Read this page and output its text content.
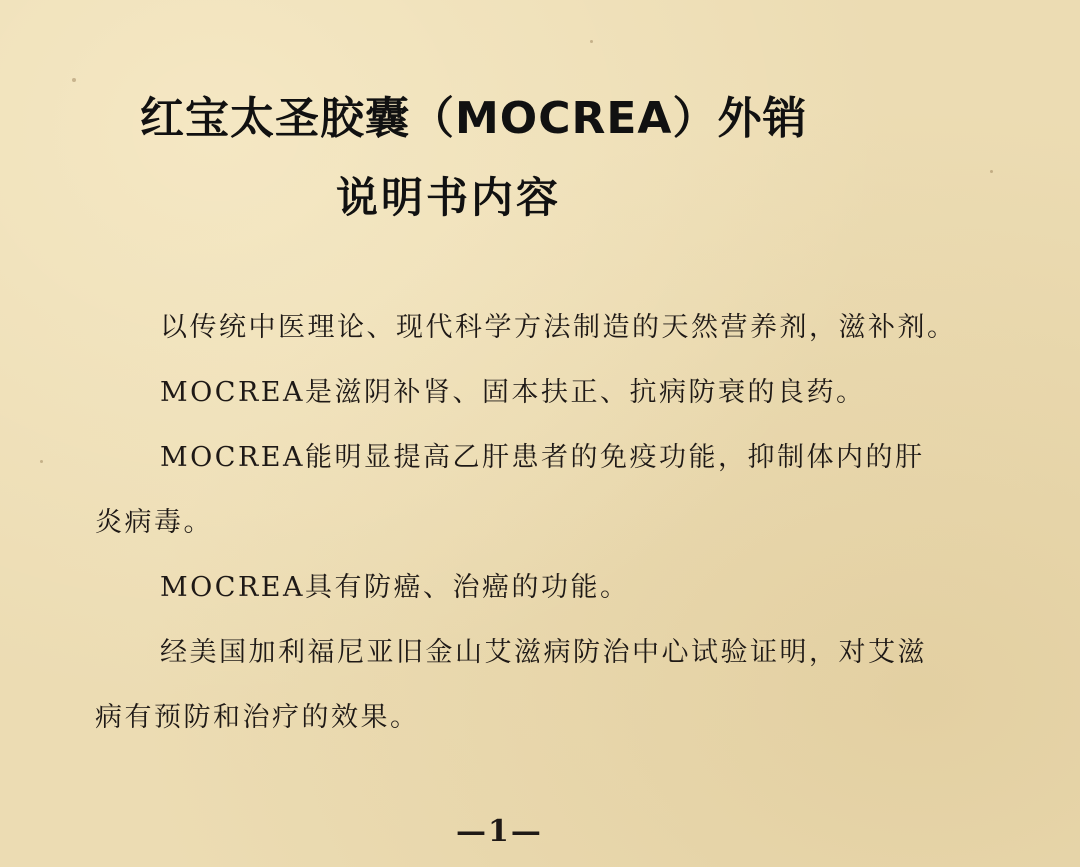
红宝太圣胶囊（MOCREA）外销
说明书内容
以传统中医理论、现代科学方法制造的天然营养剂，滋补剂。
MOCREA是滋阴补肾、固本扶正、抗病防衰的良药。
MOCREA能明显提高乙肝患者的免疫功能，抑制体内的肝
炎病毒。
MOCREA具有防癌、治癌的功能。
经美国加利福尼亚旧金山艾滋病防治中心试验证明，对艾滋
病有预防和治疗的效果。
—1—
